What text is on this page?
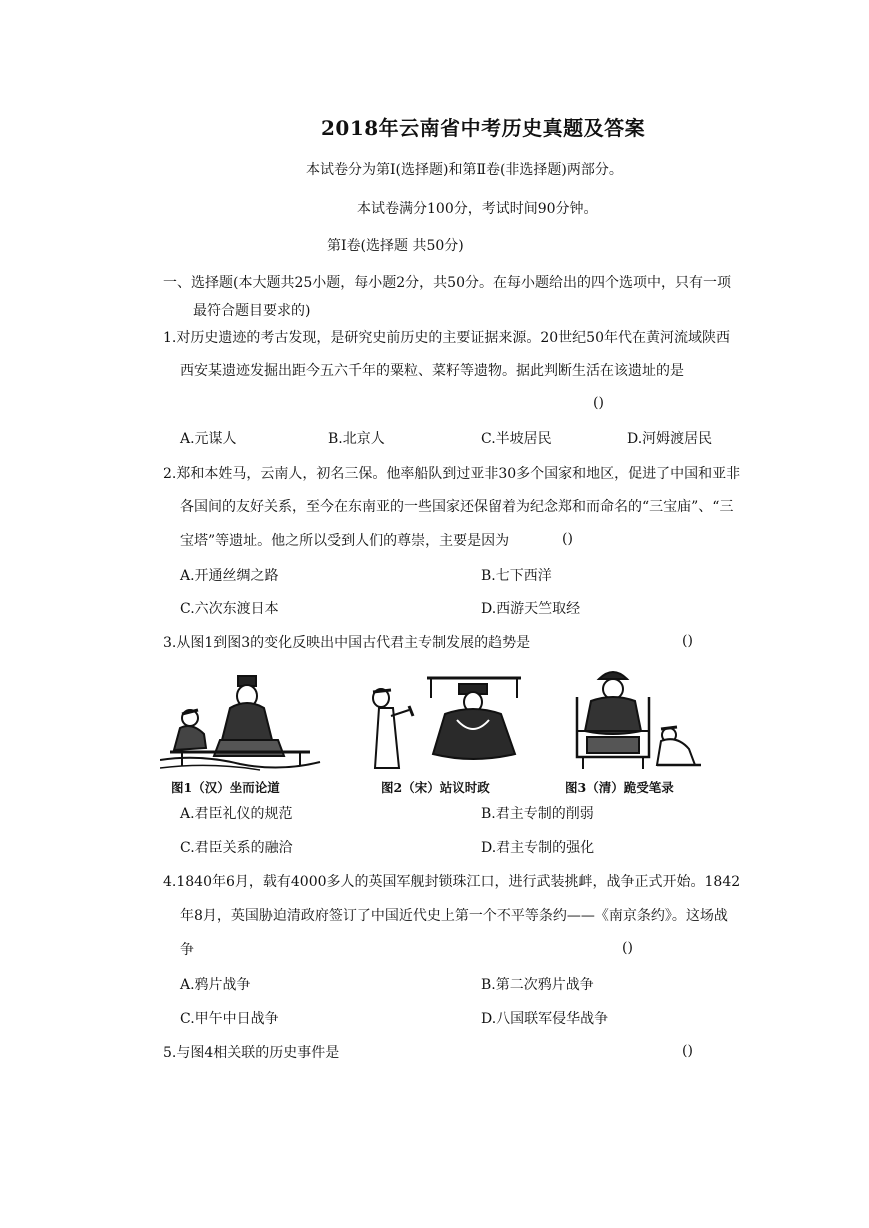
2018年云南省中考历史真题及答案
本试卷分为第Ⅰ(选择题)和第Ⅱ卷(非选择题)两部分。
本试卷满分100分，考试时间90分钟。
第Ⅰ卷(选择题 共50分)
一、选择题(本大题共25小题，每小题2分，共50分。在每小题给出的四个选项中，只有一项
最符合题目要求的)
1.对历史遗迹的考古发现，是研究史前历史的主要证据来源。20世纪50年代在黄河流域陕西
西安某遗迹发掘出距今五六千年的粟粒、菜籽等遗物。据此判断生活在该遗址的是
()
A.元谋人	B.北京人	C.半坡居民	D.河姆渡居民
2.郑和本姓马，云南人，初名三保。他率船队到过亚非30多个国家和地区，促进了中国和亚非
各国间的友好关系，至今在东南亚的一些国家还保留着为纪念郑和而命名的“三宝庙”、“三
宝塔”等遗址。他之所以受到人们的尊崇，主要是因为	()
A.开通丝绸之路	B.七下西洋
C.六次东渡日本	D.西游天竺取经
3.从图1到图3的变化反映出中国古代君主专制发展的趋势是	()
图1（汉）坐而论道	图2（宋）站议时政	图3（清）跪受笔录
A.君臣礼仪的规范	B.君主专制的削弱
C.君臣关系的融洽	D.君主专制的强化
4.1840年6月，载有4000多人的英国军舰封锁珠江口，进行武装挑衅，战争正式开始。1842
年8月，英国胁迫清政府签订了中国近代史上第一个不平等条约——《南京条约》。这场战
争	()
A.鸦片战争	B.第二次鸦片战争
C.甲午中日战争	D.八国联军侵华战争
5.与图4相关联的历史事件是	()
